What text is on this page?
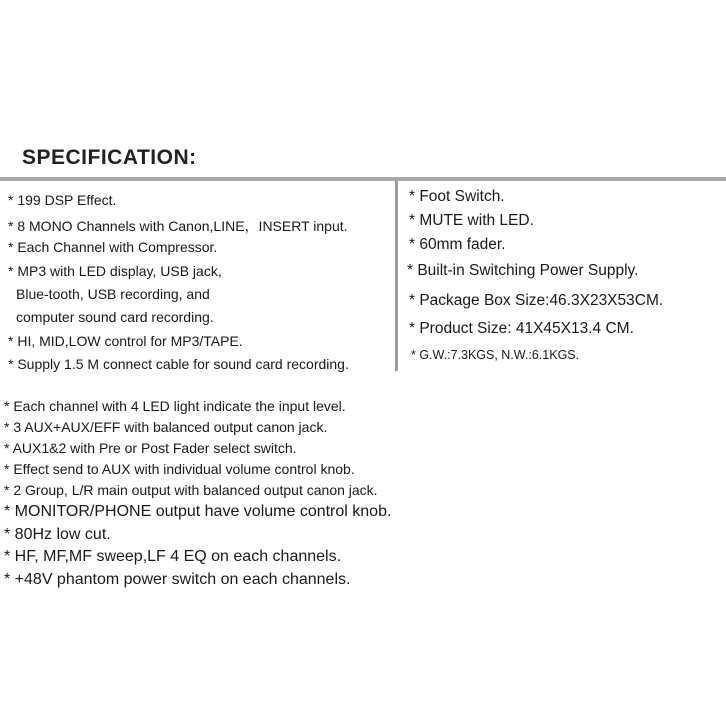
SPECIFICATION:
* 199 DSP Effect.
* 8 MONO Channels with Canon,LINE，INSERT input.
* Each Channel with Compressor.
* MP3 with LED display, USB jack,
Blue-tooth, USB recording, and
computer sound card recording.
* HI, MID,LOW control for MP3/TAPE.
* Supply 1.5 M connect cable for sound card recording.
* Foot Switch.
* MUTE with LED.
* 60mm fader.
* Built-in Switching Power Supply.
* Package Box Size:46.3X23X53CM.
* Product Size: 41X45X13.4 CM.
* G.W.:7.3KGS, N.W.:6.1KGS.
* Each channel with 4 LED light indicate the input level.
* 3 AUX+AUX/EFF with balanced output canon jack.
* AUX1&2 with Pre or Post Fader select switch.
* Effect send to AUX with individual volume control knob.
* 2 Group, L/R main output with balanced output canon jack.
* MONITOR/PHONE output have volume control knob.
* 80Hz low cut.
* HF, MF,MF sweep,LF 4 EQ on each channels.
* +48V phantom power switch on each channels.
